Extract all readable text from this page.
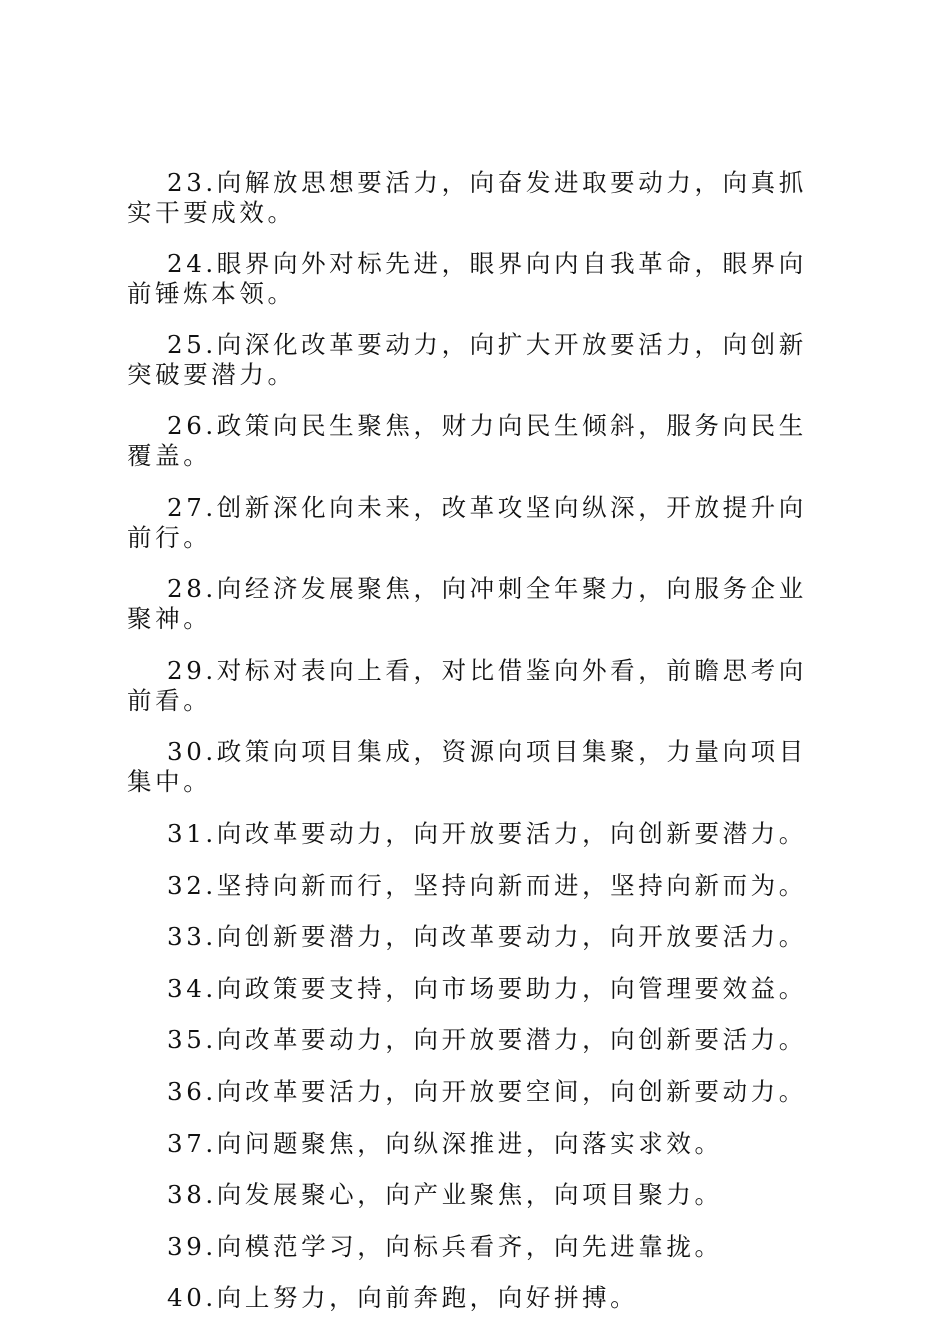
23.向解放思想要活力，向奋发进取要动力，向真抓实干要成效。

24.眼界向外对标先进，眼界向内自我革命，眼界向前锤炼本领。

25.向深化改革要动力，向扩大开放要活力，向创新突破要潜力。

26.政策向民生聚焦，财力向民生倾斜，服务向民生覆盖。

27.创新深化向未来，改革攻坚向纵深，开放提升向前行。

28.向经济发展聚焦，向冲刺全年聚力，向服务企业聚神。

29.对标对表向上看，对比借鉴向外看，前瞻思考向前看。

30.政策向项目集成，资源向项目集聚，力量向项目集中。

31.向改革要动力，向开放要活力，向创新要潜力。

32.坚持向新而行，坚持向新而进，坚持向新而为。

33.向创新要潜力，向改革要动力，向开放要活力。

34.向政策要支持，向市场要助力，向管理要效益。

35.向改革要动力，向开放要潜力，向创新要活力。

36.向改革要活力，向开放要空间，向创新要动力。

37.向问题聚焦，向纵深推进，向落实求效。

38.向发展聚心，向产业聚焦，向项目聚力。

39.向模范学习，向标兵看齐，向先进靠拢。

40.向上努力，向前奔跑，向好拼搏。
